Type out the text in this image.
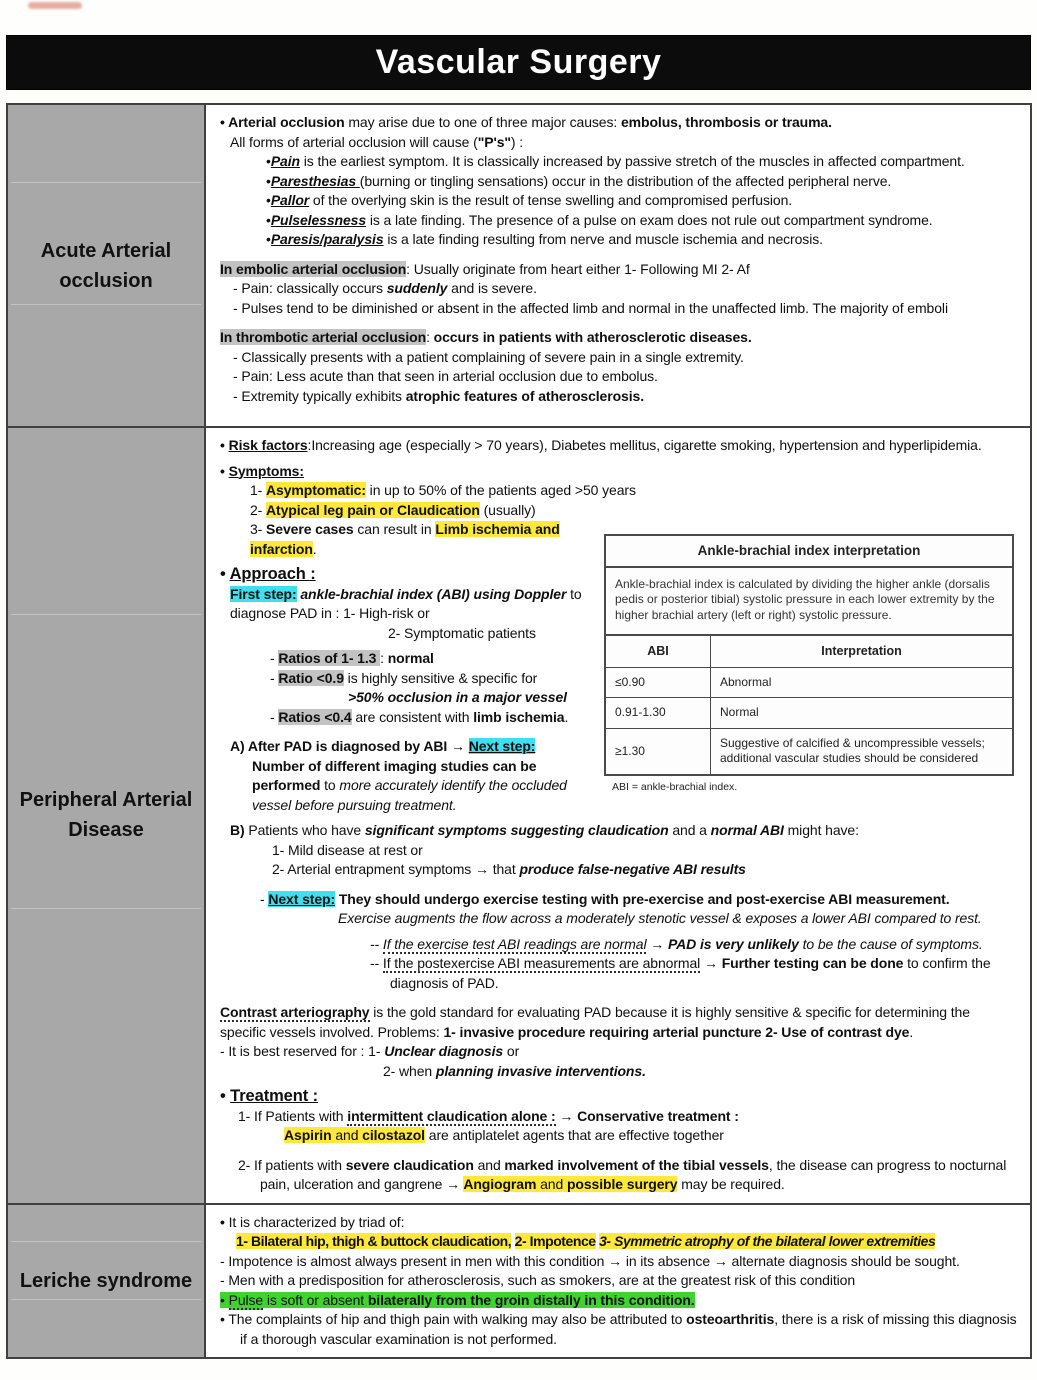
Vascular Surgery
Acute Arterial occlusion
• Arterial occlusion may arise due to one of three major causes: embolus, thrombosis or trauma.
All forms of arterial occlusion will cause ("P's") :
•Pain is the earliest symptom. It is classically increased by passive stretch of the muscles in affected compartment.
•Paresthesias (burning or tingling sensations) occur in the distribution of the affected peripheral nerve.
•Pallor of the overlying skin is the result of tense swelling and compromised perfusion.
•Pulselessness is a late finding. The presence of a pulse on exam does not rule out compartment syndrome.
•Paresis/paralysis is a late finding resulting from nerve and muscle ischemia and necrosis.
In embolic arterial occlusion: Usually originate from heart either 1- Following MI 2- Af
- Pain: classically occurs suddenly and is severe.
- Pulses tend to be diminished or absent in the affected limb and normal in the unaffected limb. The majority of emboli
In thrombotic arterial occlusion: occurs in patients with atherosclerotic diseases.
- Classically presents with a patient complaining of severe pain in a single extremity.
- Pain: Less acute than that seen in arterial occlusion due to embolus.
- Extremity typically exhibits atrophic features of atherosclerosis.
Peripheral Arterial Disease
• Risk factors:Increasing age (especially > 70 years), Diabetes mellitus, cigarette smoking, hypertension and hyperlipidemia.
• Symptoms:
1- Asymptomatic: in up to 50% of the patients aged >50 years
2- Atypical leg pain or Claudication (usually)
3- Severe cases can result in Limb ischemia and infarction.
• Approach :
First step: ankle-brachial index (ABI) using Doppler to diagnose PAD in : 1- High-risk or
2- Symptomatic patients
- Ratios of 1- 1.3 : normal
- Ratio <0.9 is highly sensitive & specific for
>50% occlusion in a major vessel
- Ratios <0.4 are consistent with limb ischemia.
A) After PAD is diagnosed by ABI → Next step:
Number of different imaging studies can be performed to more accurately identify the occluded vessel before pursuing treatment.
B) Patients who have significant symptoms suggesting claudication and a normal ABI might have:
1- Mild disease at rest or
2- Arterial entrapment symptoms → that produce false-negative ABI results
- Next step: They should undergo exercise testing with pre-exercise and post-exercise ABI measurement.
Exercise augments the flow across a moderately stenotic vessel & exposes a lower ABI compared to rest.
-- If the exercise test ABI readings are normal → PAD is very unlikely to be the cause of symptoms.
-- If the postexercise ABI measurements are abnormal → Further testing can be done to confirm the diagnosis of PAD.
Contrast arteriography is the gold standard for evaluating PAD because it is highly sensitive & specific for determining the specific vessels involved. Problems: 1- invasive procedure requiring arterial puncture 2- Use of contrast dye.
- It is best reserved for : 1- Unclear diagnosis or
2- when planning invasive interventions.
• Treatment :
1- If Patients with intermittent claudication alone : → Conservative treatment :
Aspirin and cilostazol are antiplatelet agents that are effective together
2- If patients with severe claudication and marked involvement of the tibial vessels, the disease can progress to nocturnal pain, ulceration and gangrene → Angiogram and possible surgery may be required.
Ankle-brachial index interpretation
Ankle-brachial index is calculated by dividing the higher ankle (dorsalis pedis or posterior tibial) systolic pressure in each lower extremity by the higher brachial artery (left or right) systolic pressure.
ABI	Interpretation
≤0.90	Abnormal
0.91-1.30	Normal
≥1.30	Suggestive of calcified & uncompressible vessels; additional vascular studies should be considered
ABI = ankle-brachial index.
Leriche syndrome
• It is characterized by triad of:
1- Bilateral hip, thigh & buttock claudication, 2- Impotence 3- Symmetric atrophy of the bilateral lower extremities
- Impotence is almost always present in men with this condition → in its absence → alternate diagnosis should be sought.
- Men with a predisposition for atherosclerosis, such as smokers, are at the greatest risk of this condition
• Pulse is soft or absent bilaterally from the groin distally in this condition.
• The complaints of hip and thigh pain with walking may also be attributed to osteoarthritis, there is a risk of missing this diagnosis if a thorough vascular examination is not performed.
